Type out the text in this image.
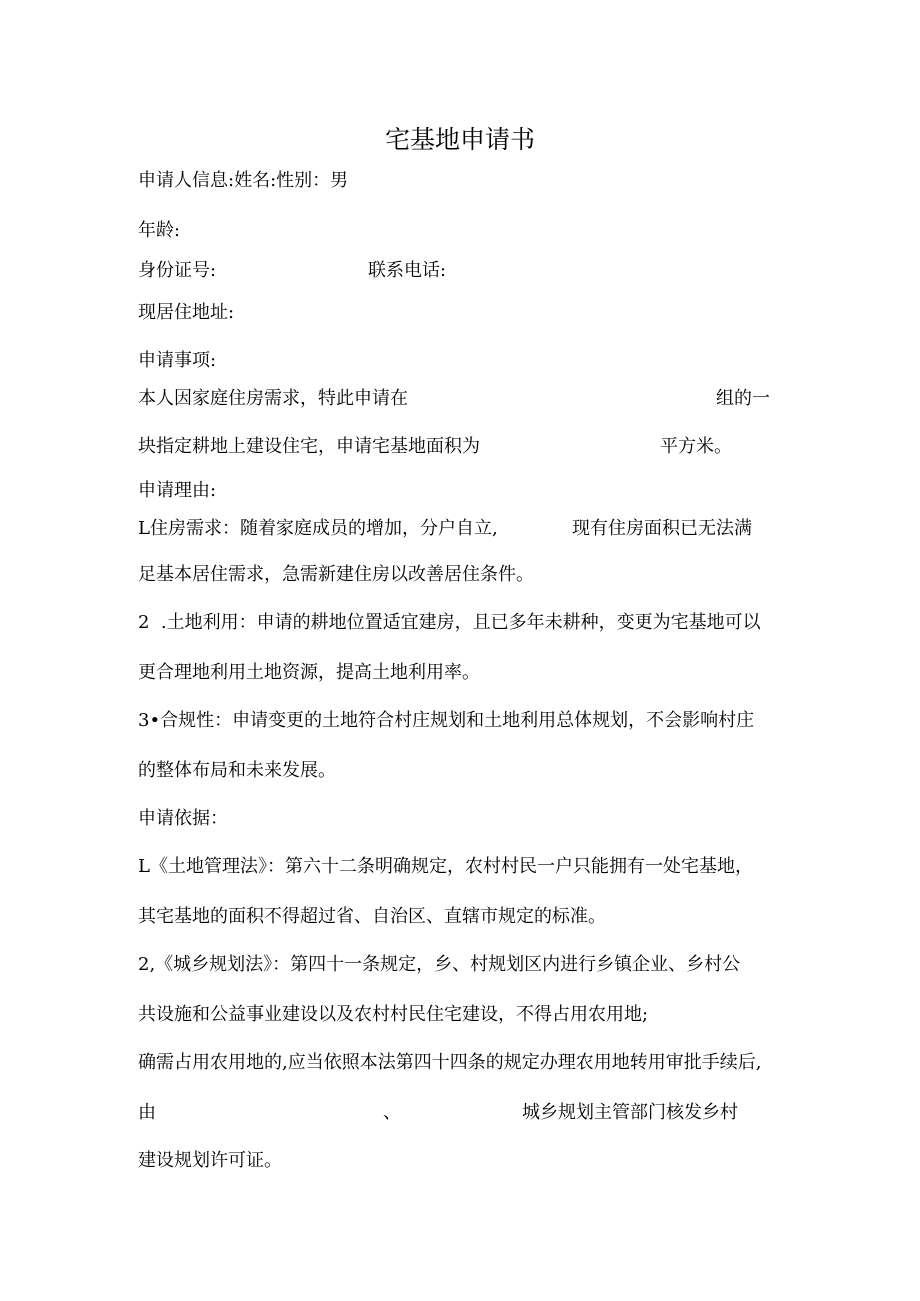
宅基地申请书

申请人信息:姓名:性别：男

年龄:

身份证号:	联系电话:

现居住地址:

申请事项:

本人因家庭住房需求，特此申请在	组的一

块指定耕地上建设住宅，申请宅基地面积为	平方米。

申请理由:

L住房需求：随着家庭成员的增加，分户自立,	现有住房面积已无法满

足基本居住需求，急需新建住房以改善居住条件。

2  .土地利用：申请的耕地位置适宜建房，且已多年未耕种，变更为宅基地可以

更合理地利用土地资源，提高土地利用率。

3•合规性：申请变更的土地符合村庄规划和土地利用总体规划，不会影响村庄

的整体布局和未来发展。

申请依据：

L《土地管理法》：第六十二条明确规定，农村村民一户只能拥有一处宅基地，

其宅基地的面积不得超过省、自治区、直辖市规定的标准。

2,《城乡规划法》：第四十一条规定，乡、村规划区内进行乡镇企业、乡村公

共设施和公益事业建设以及农村村民住宅建设，不得占用农用地;

确需占用农用地的,应当依照本法第四十四条的规定办理农用地转用审批手续后,

由	、	城乡规划主管部门核发乡村

建设规划许可证。
